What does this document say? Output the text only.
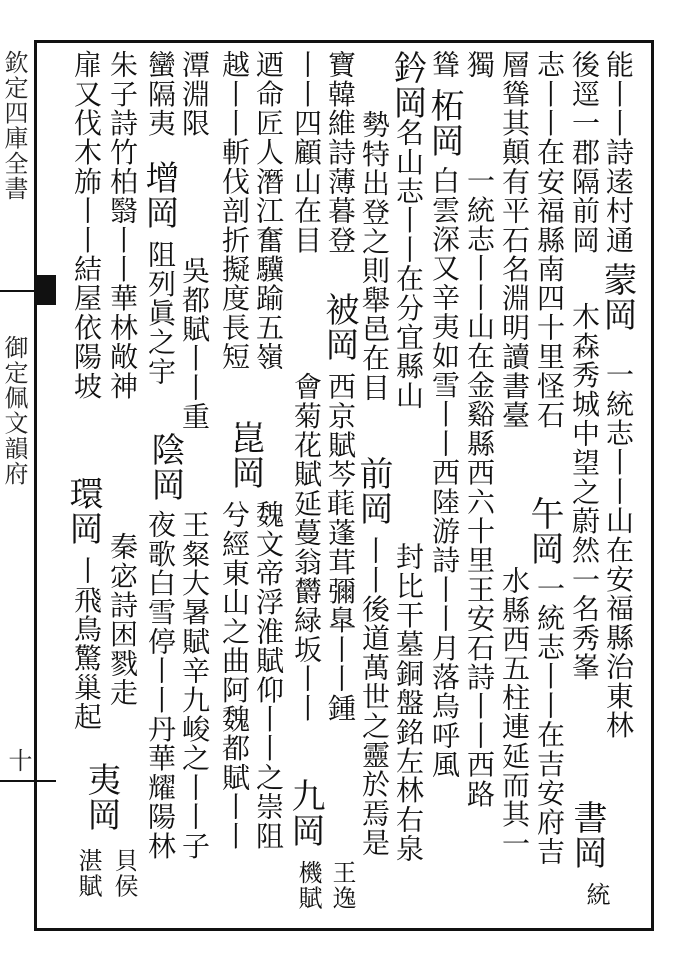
欽定四庫全書
御定佩文韻府
十
能丨丨詩逺村通
蒙岡
一統志丨丨山在安福縣治東林
後逕一郡隔前岡
木森秀城中望之蔚然一名秀峯
書岡
統
志丨丨在安福縣南四十里怪石
午岡
一統志丨丨在吉安府吉
層聳其顛有平石名淵明讀書臺
水縣西五柱連延而其一
獨
一統志丨丨山在金谿縣西六十里王安石詩丨丨西路
聳
柘岡
白雲深又辛夷如雪丨丨西陸游詩丨丨月落烏呼風
鈐岡
名山志丨丨在分宜縣山
封比干墓銅盤銘左林右泉
勢特出登之則舉邑在目
前岡
丨丨後道萬世之靈於焉是
寶韓維詩薄暮登
被岡
西京賦芩𦶇蓬茸彌臯丨丨鍾
丨丨四顧山在目
會菊花賦延蔓翁欝緑坂丨丨
九岡
王逸
機賦
迺命匠人潛江奮驥踰五嶺
崑岡
魏文帝浮淮賦仰丨丨之崇阻
越丨丨斬伐剖折擬度長短
兮經東山之曲阿魏都賦丨丨
潭淵限
吳都賦丨丨重
陰岡
王粲大暑賦辛九峻之丨丨子
蠻隔夷
增岡
阻列眞之宇
夜歌白雪停丨丨丹華耀陽林
朱子詩竹柏翳丨丨華林敞神
秦宓詩困戮走
夷岡
貝侯
扉又伐木斾丨丨結屋依陽坡
環岡
丨飛鳥驚巢起
湛賦
